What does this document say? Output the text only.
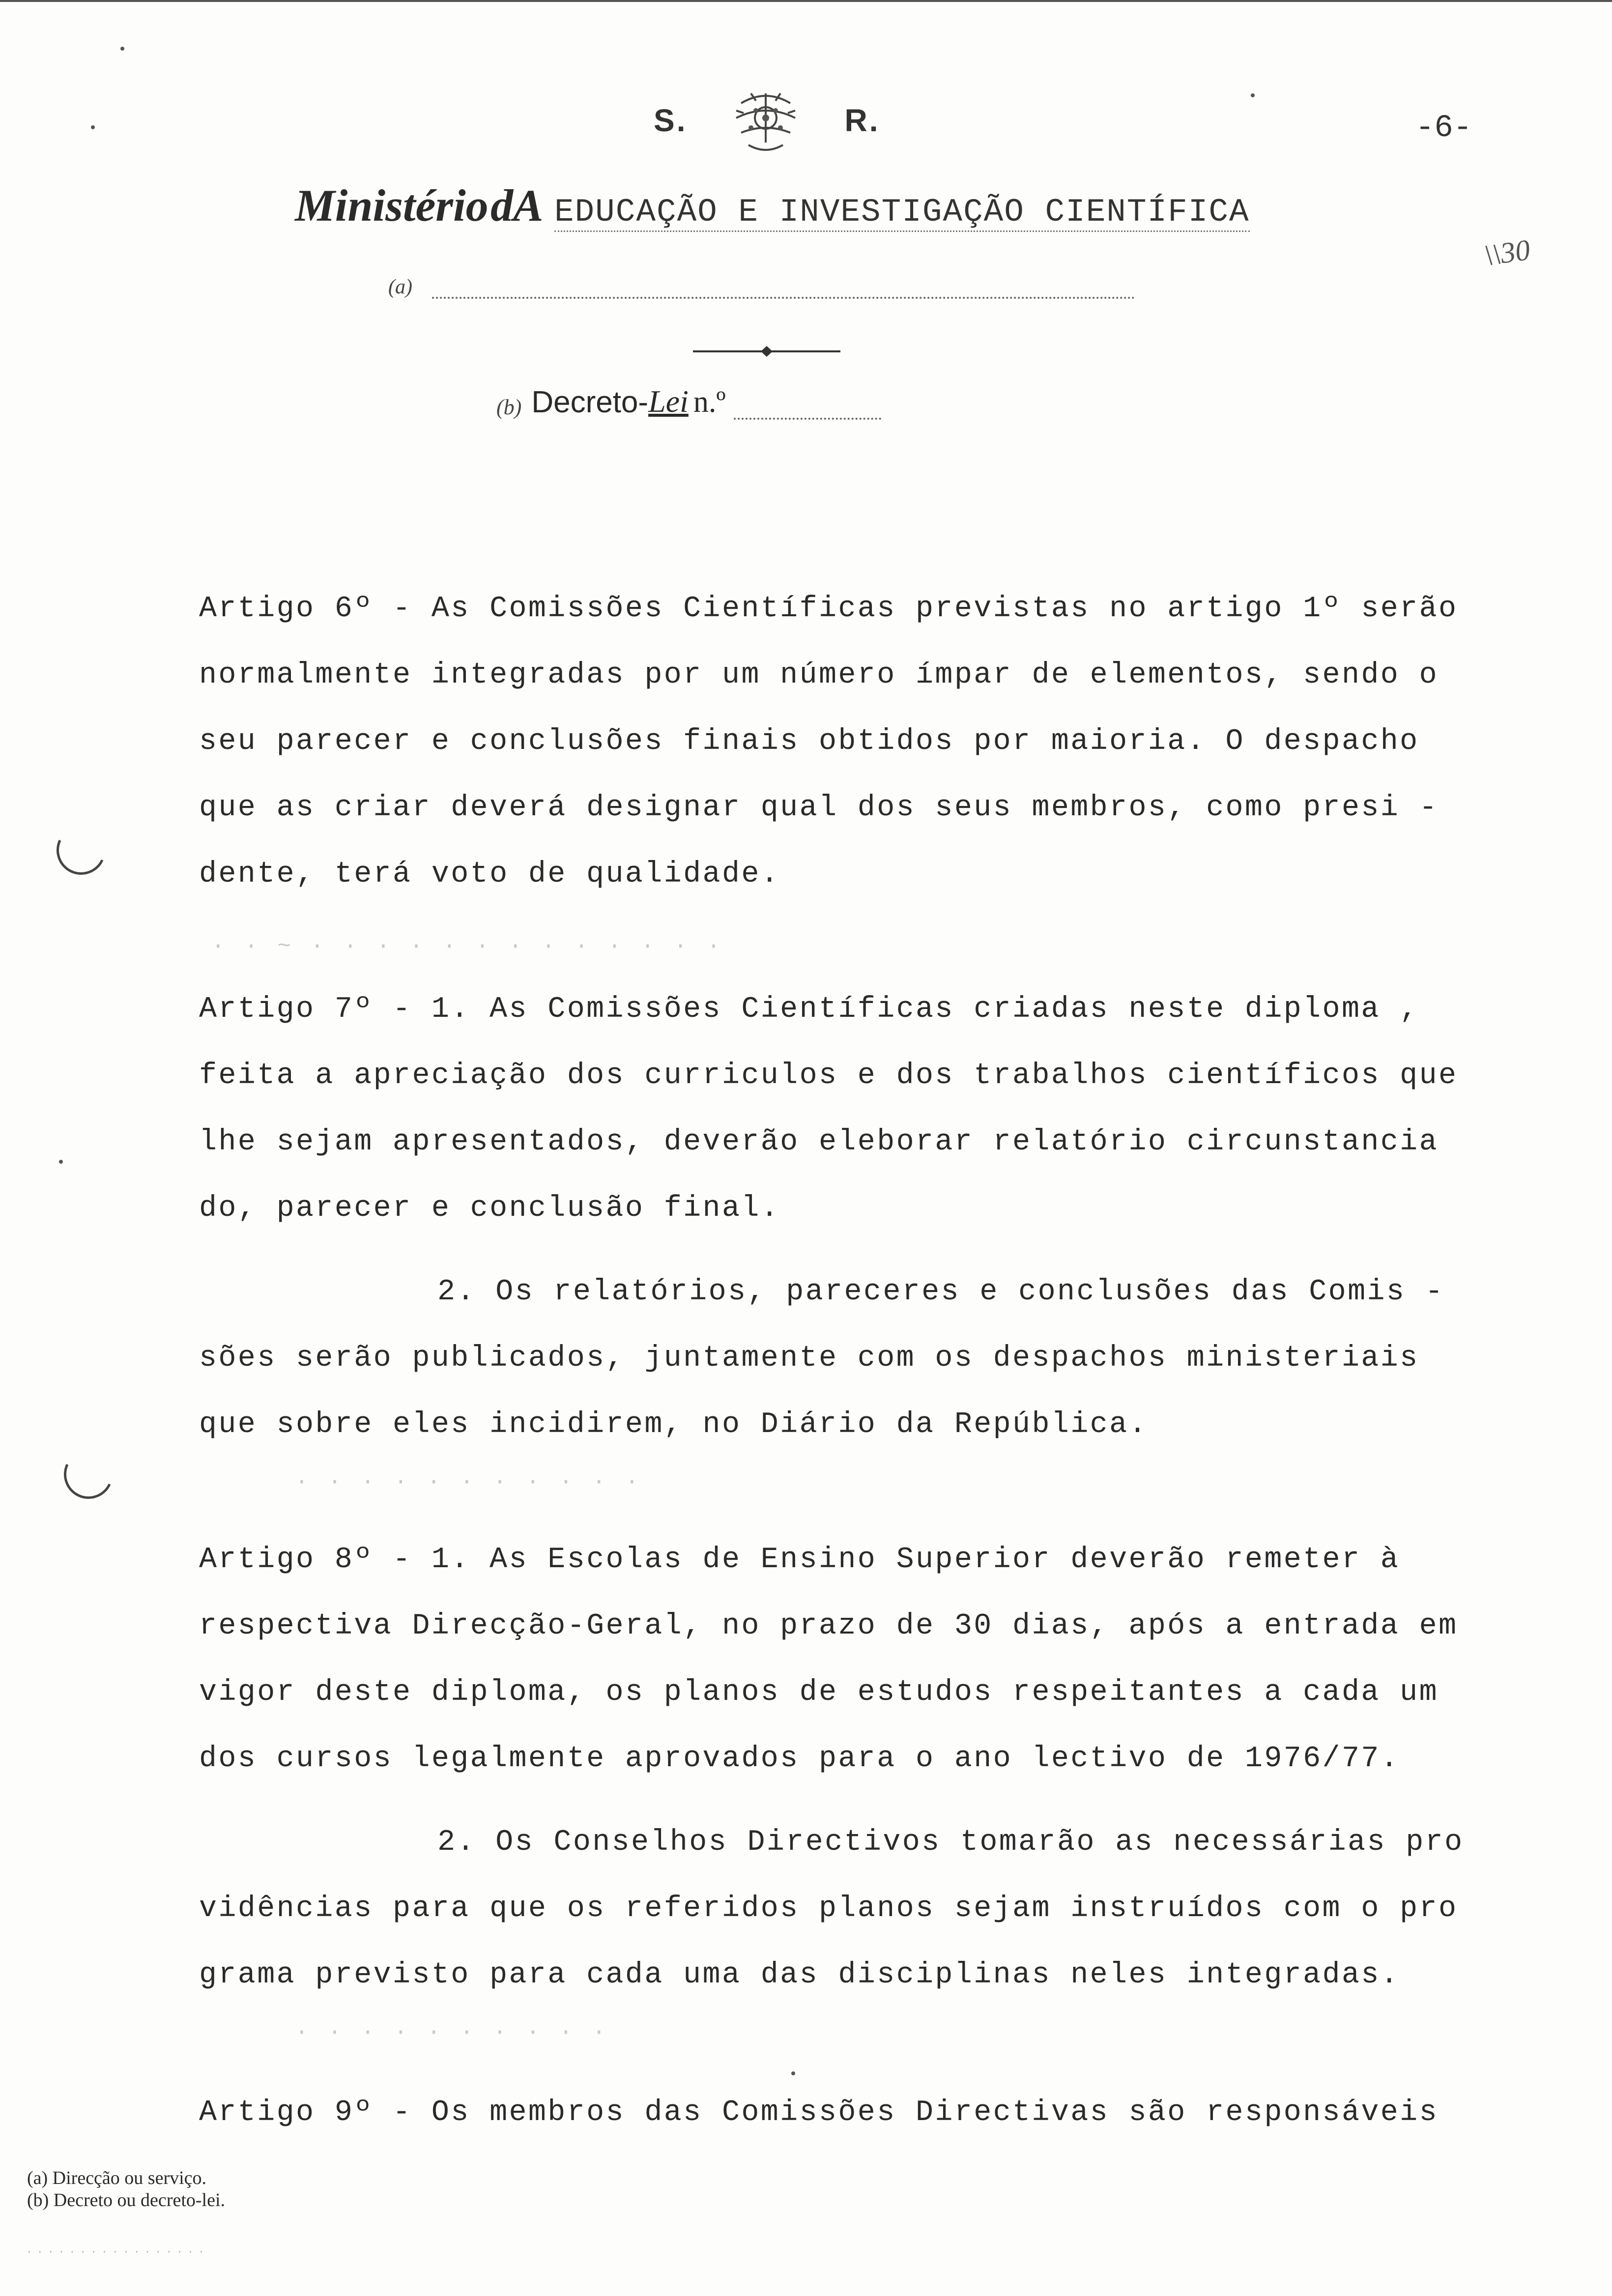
S.	R.	-6-
Ministério dA EDUCAÇÃO E INVESTIGAÇÃO CIENTÍFICA
\\30
(a)
(b) Decreto- Lei n.º
Artigo 6º - As Comissões Científicas previstas no artigo 1º serão
normalmente integradas por um número ímpar de elementos, sendo o
seu parecer e conclusões finais obtidos por maioria. O despacho
que as criar deverá designar qual dos seus membros, como presi -
dente, terá voto de qualidade.
· · ~ · · · · · · · · · · · · ·
Artigo 7º - 1. As Comissões Científicas criadas neste diploma ,
feita a apreciação dos curriculos e dos trabalhos científicos que
lhe sejam apresentados, deverão eleborar relatório circunstancia
do, parecer e conclusão final.
2. Os relatórios, pareceres e conclusões das Comis -
sões serão publicados, juntamente com os despachos ministeriais
que sobre eles incidirem, no Diário da República.
· · · · · · · · · · ·
Artigo 8º - 1. As Escolas de Ensino Superior deverão remeter à
respectiva Direcção-Geral, no prazo de 30 dias, após a entrada em
vigor deste diploma, os planos de estudos respeitantes a cada um
dos cursos legalmente aprovados para o ano lectivo de 1976/77.
2. Os Conselhos Directivos tomarão as necessárias pro
vidências para que os referidos planos sejam instruídos com o pro
grama previsto para cada uma das disciplinas neles integradas.
· · · · · · · · · ·
Artigo 9º - Os membros das Comissões Directivas são responsáveis
(a) Direcção ou serviço.
(b) Decreto ou decreto-lei.
· · · · · · · · · · · · · · · · ·
